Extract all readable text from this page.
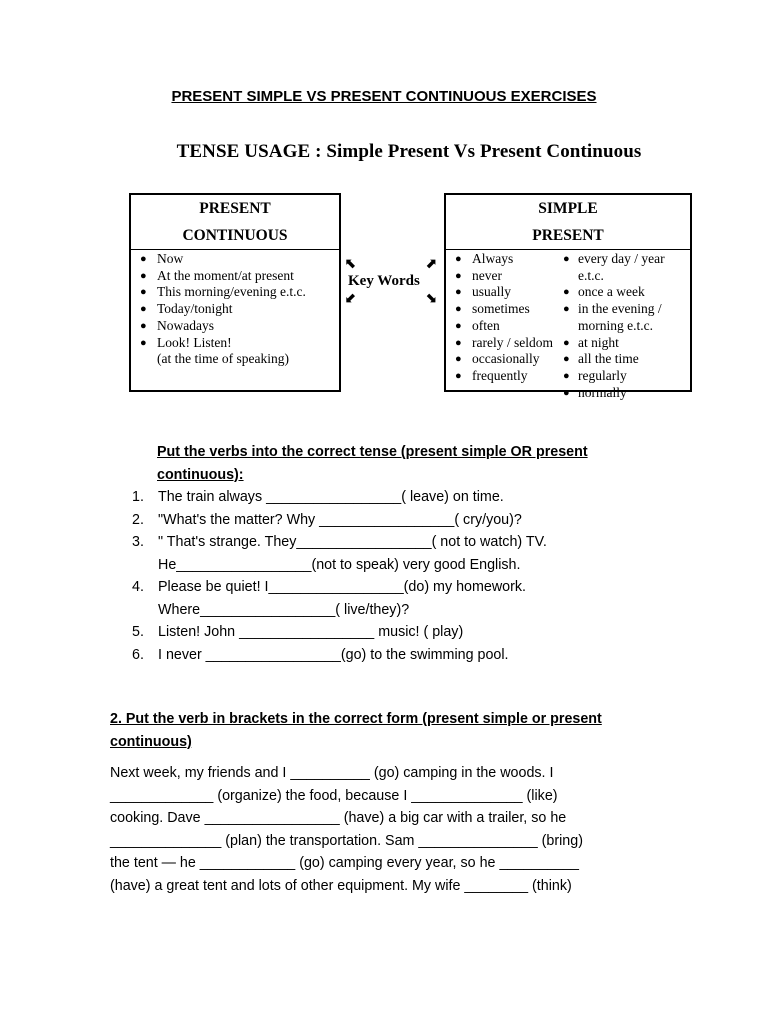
PRESENT SIMPLE VS PRESENT CONTINUOUS EXERCISES
TENSE USAGE : Simple Present Vs Present Continuous
PRESENT
CONTINUOUS
● Now
● At the moment/at present
● This morning/evening e.t.c.
● Today/tonight
● Nowadays
● Look! Listen!
(at the time of speaking)
⬉	⬈
Key Words
⬋	⬊
SIMPLE
PRESENT
● Always
● never
● usually
● sometimes
● often
● rarely / seldom
● occasionally
● frequently
● every day / year
e.t.c.
● once a week
● in the evening /
morning e.t.c.
● at night
● all the time
● regularly
● normally
Put the verbs into the correct tense (present simple OR present
continuous):
1. The train always _________________( leave) on time.
2. "What's the matter? Why _________________( cry/you)?
3. " That's strange. They_________________( not to watch) TV.
He_________________(not to speak) very good English.
4. Please be quiet! I_________________(do) my homework.
Where_________________( live/they)?
5. Listen! John _________________ music! ( play)
6. I never _________________(go) to the swimming pool.
2. Put the verb in brackets in the correct form (present simple or present
continuous)
Next week, my friends and I __________ (go) camping in the woods. I
_____________ (organize) the food, because I ______________ (like)
cooking. Dave _________________ (have) a big car with a trailer, so he
______________ (plan) the transportation. Sam _______________ (bring)
the tent — he ____________ (go) camping every year, so he __________
(have) a great tent and lots of other equipment. My wife ________ (think)
